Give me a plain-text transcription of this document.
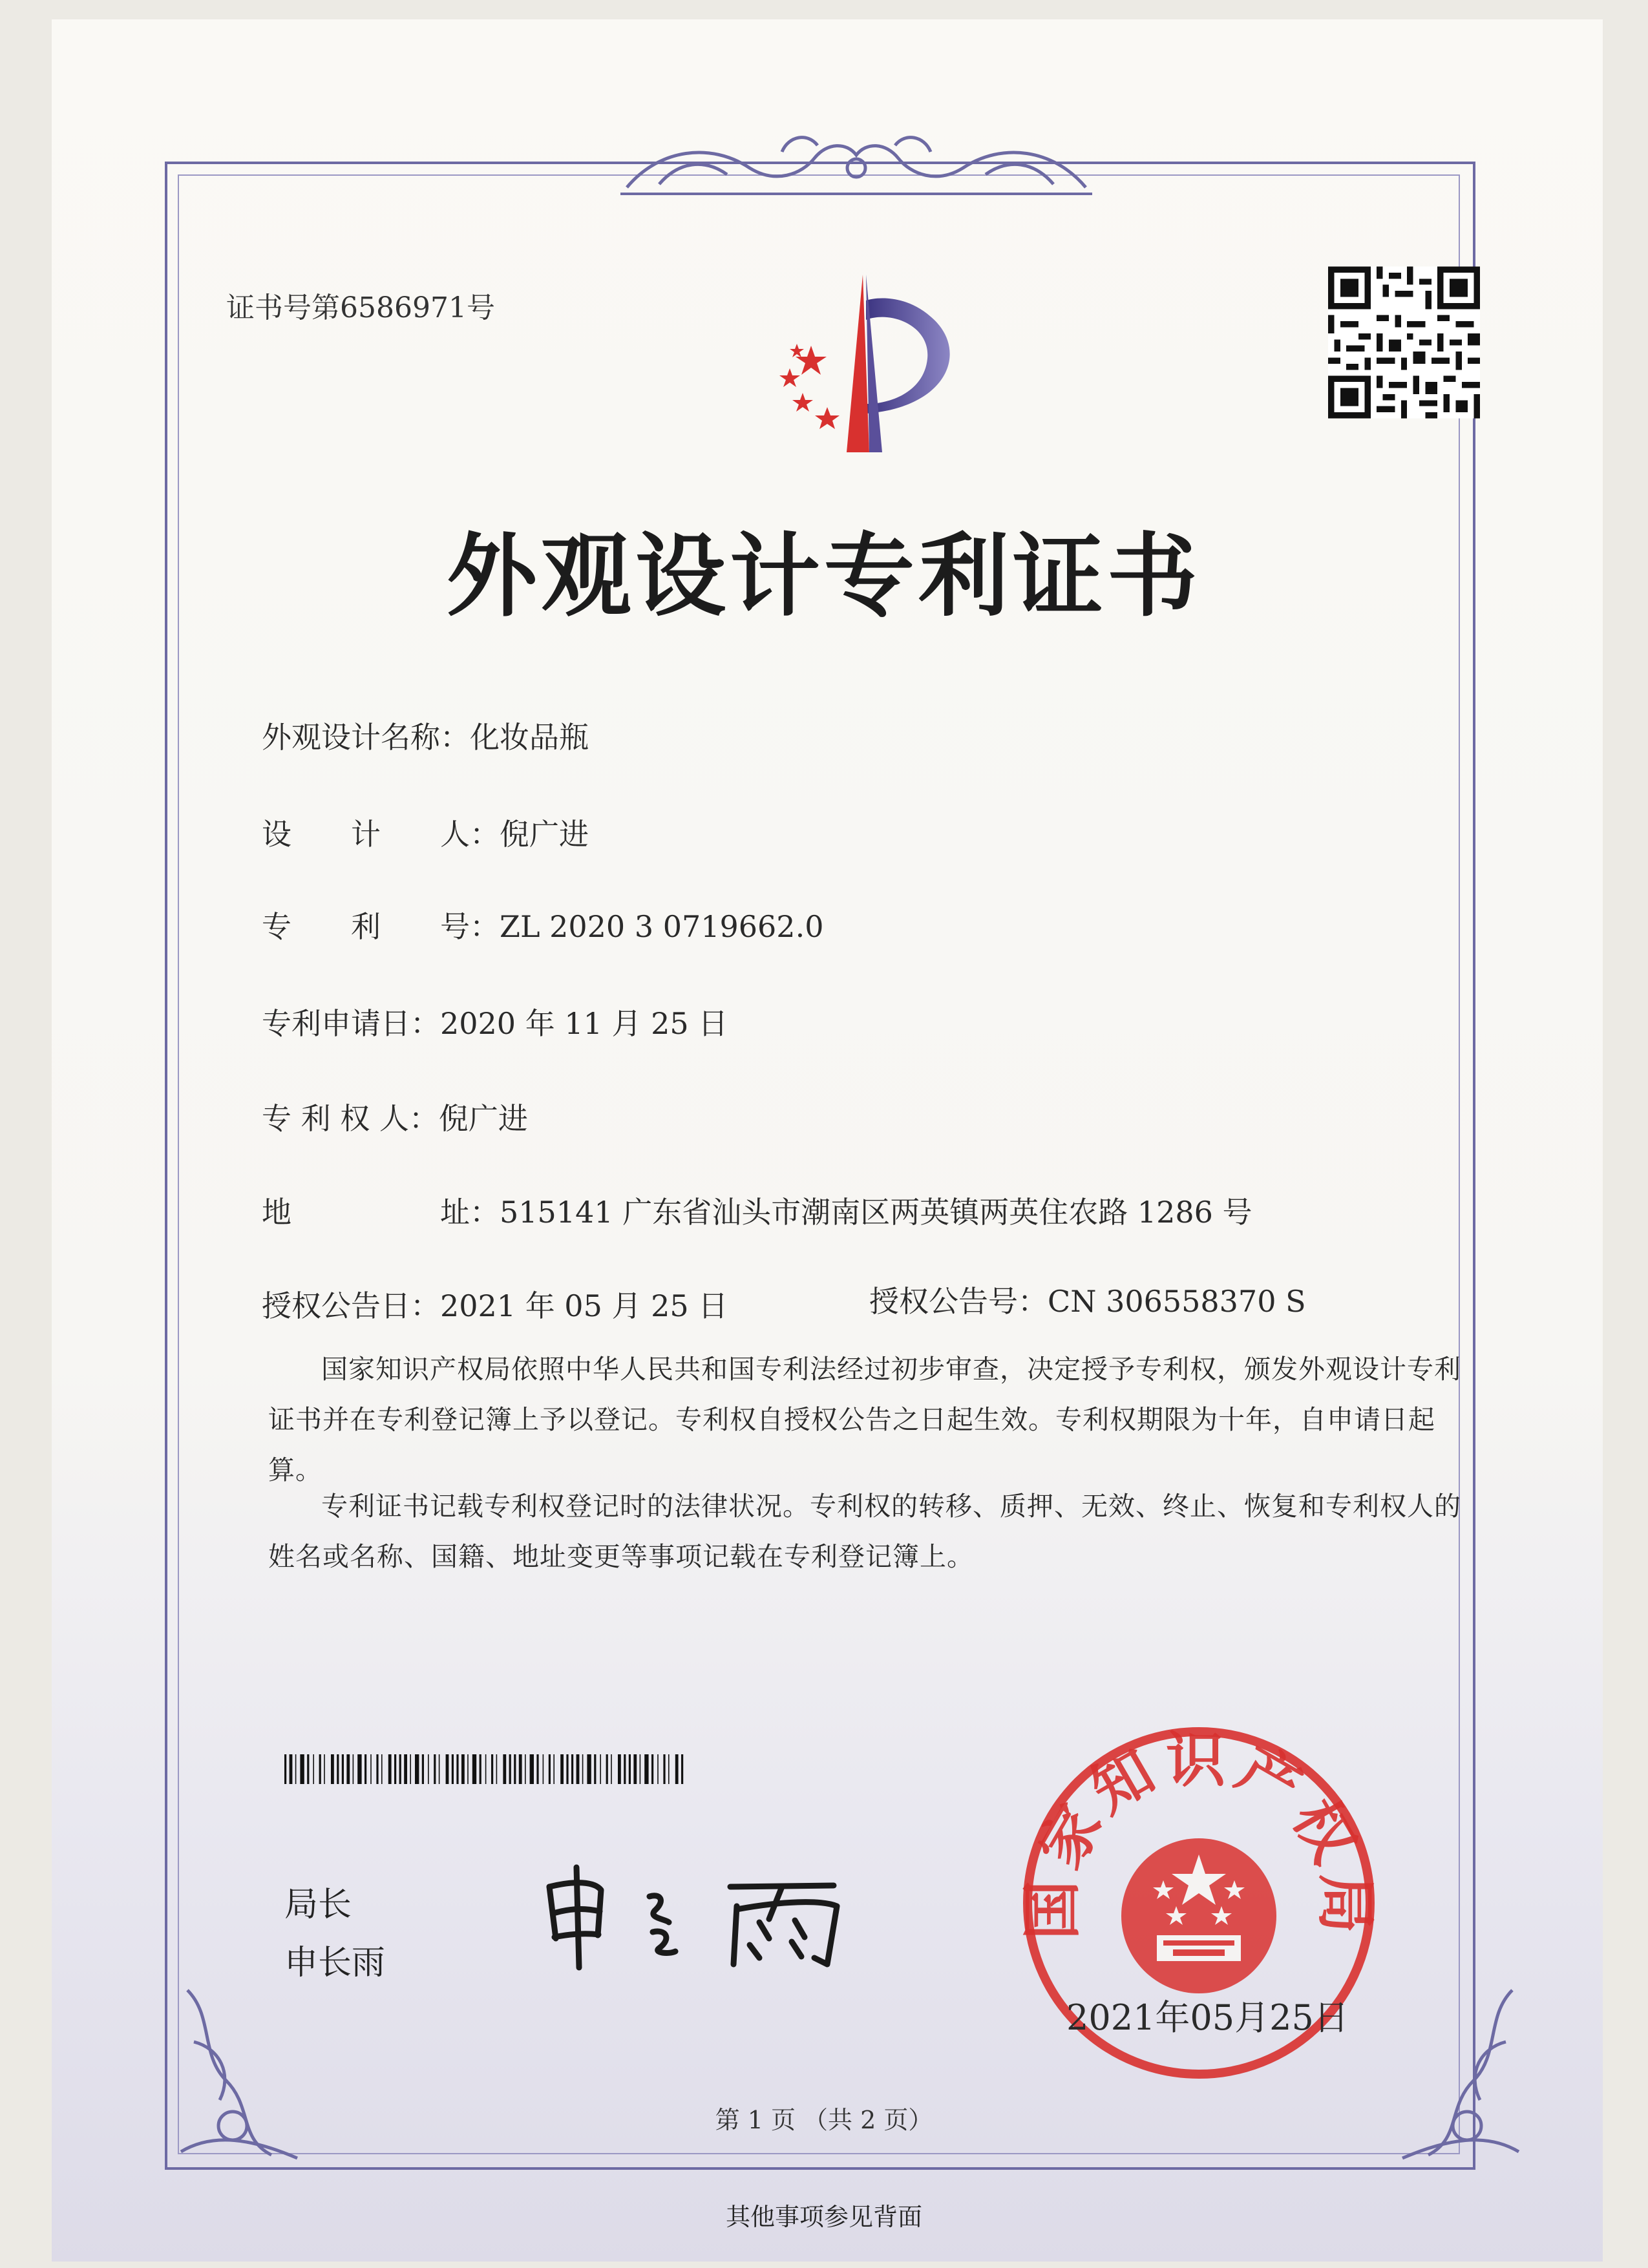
证书号第6586971号
外观设计专利证书
外观设计名称：化妆品瓶
设　　计　　人：倪广进
专　　利　　号：ZL 2020 3 0719662.0
专利申请日：2020 年 11 月 25 日
专 利 权 人：倪广进
地　　　　　址：515141 广东省汕头市潮南区两英镇两英住农路 1286 号
授权公告日：2021 年 05 月 25 日	授权公告号：CN 306558370 S
国家知识产权局依照中华人民共和国专利法经过初步审查，决定授予专利权，颁发外观设计专利证书并在专利登记簿上予以登记。专利权自授权公告之日起生效。专利权期限为十年，自申请日起算。
专利证书记载专利权登记时的法律状况。专利权的转移、质押、无效、终止、恢复和专利权人的姓名或名称、国籍、地址变更等事项记载在专利登记簿上。
局长
申长雨
国家知识产权局
2021年05月25日
第 1 页 （共 2 页）
其他事项参见背面
